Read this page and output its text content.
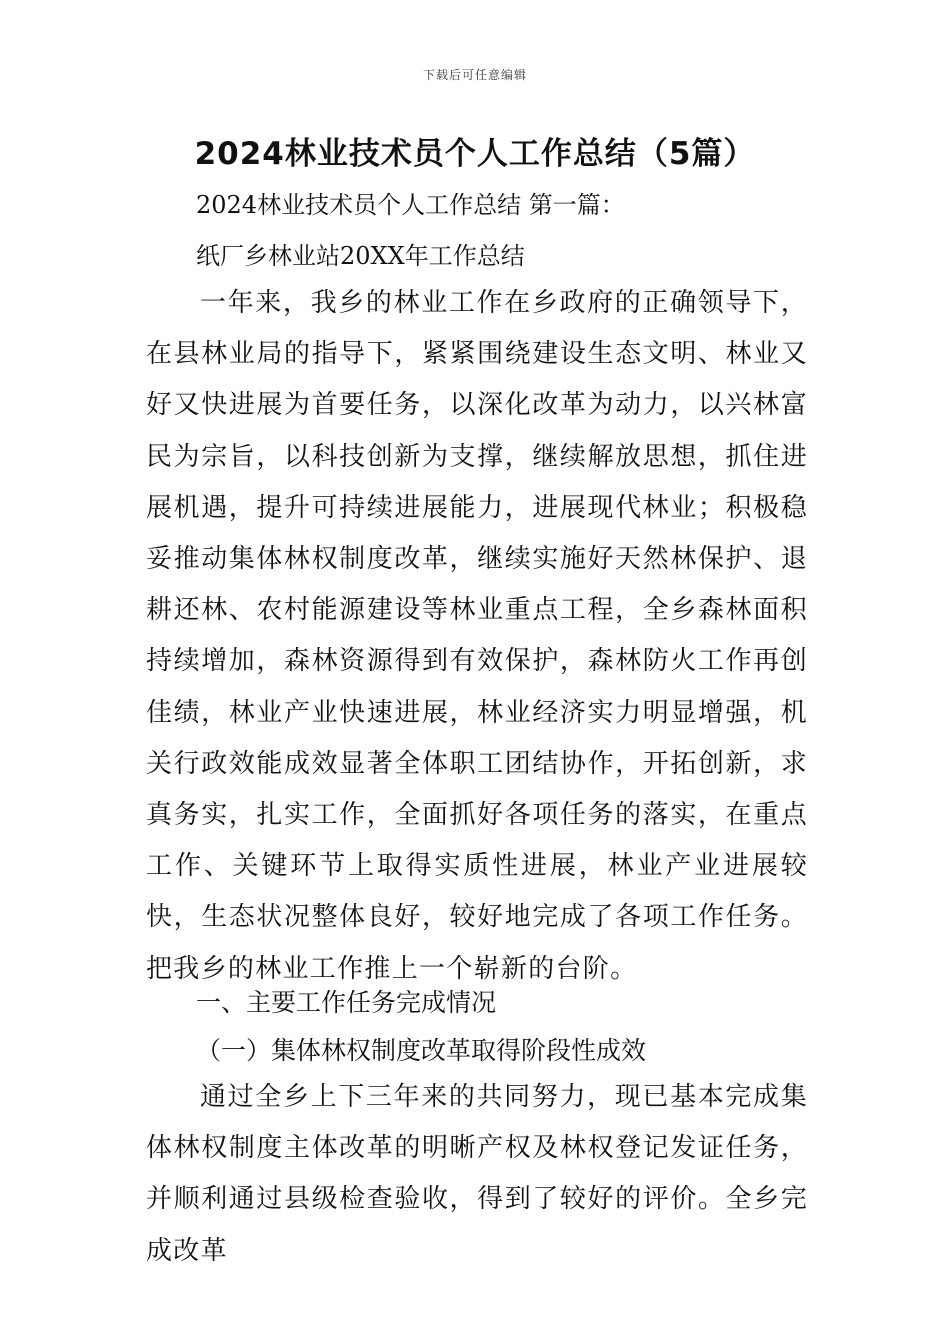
下载后可任意编辑
2024林业技术员个人工作总结（5篇）

2024林业技术员个人工作总结 第一篇：

纸厂乡林业站20XX年工作总结

一年来，我乡的林业工作在乡政府的正确领导下，在县林业局的指导下，紧紧围绕建设生态文明、林业又好又快进展为首要任务，以深化改革为动力，以兴林富民为宗旨，以科技创新为支撑，继续解放思想，抓住进展机遇，提升可持续进展能力，进展现代林业；积极稳妥推动集体林权制度改革，继续实施好天然林保护、退耕还林、农村能源建设等林业重点工程，全乡森林面积持续增加，森林资源得到有效保护，森林防火工作再创佳绩，林业产业快速进展，林业经济实力明显增强，机关行政效能成效显著全体职工团结协作，开拓创新，求真务实，扎实工作，全面抓好各项任务的落实，在重点工作、关键环节上取得实质性进展，林业产业进展较快，生态状况整体良好，较好地完成了各项工作任务。把我乡的林业工作推上一个崭新的台阶。

一、主要工作任务完成情况

（一）集体林权制度改革取得阶段性成效

通过全乡上下三年来的共同努力，现已基本完成集体林权制度主体改革的明晰产权及林权登记发证任务，并顺利通过县级检查验收，得到了较好的评价。全乡完成改革
